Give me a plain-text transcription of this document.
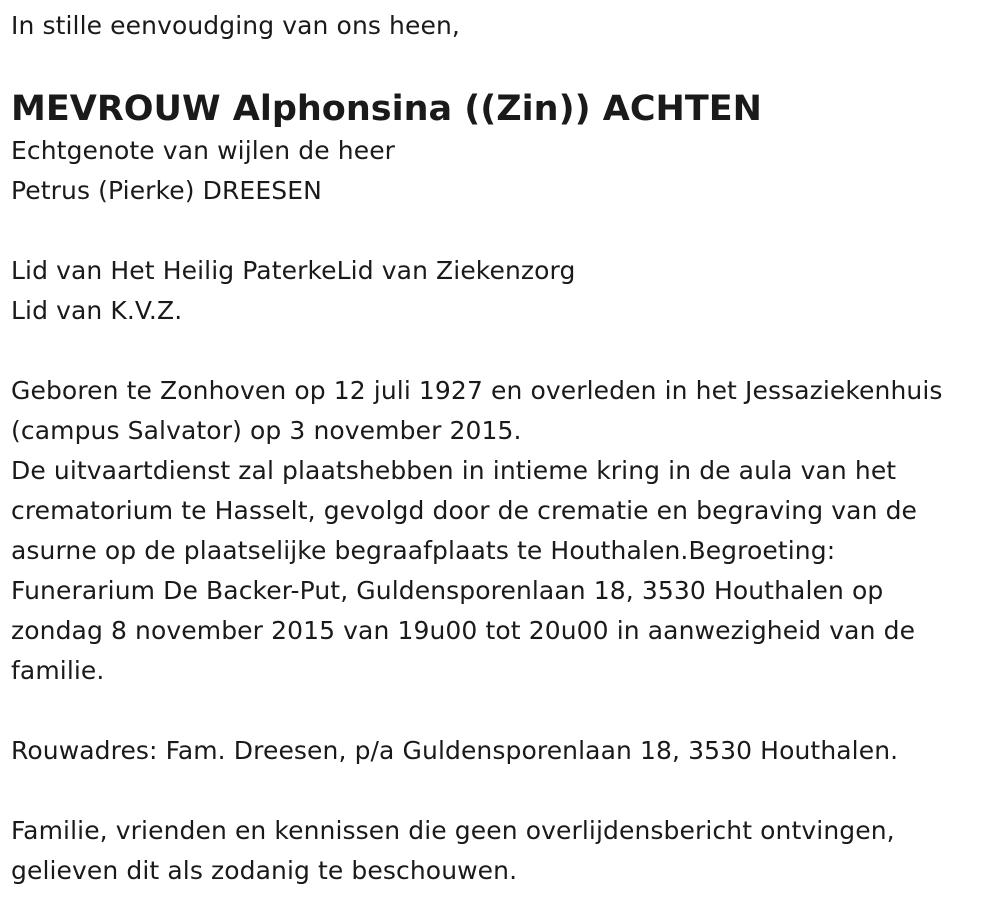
In stille eenvoudging van ons heen,
MEVROUW Alphonsina ((Zin)) ACHTEN
Echtgenote van wijlen de heer
Petrus (Pierke) DREESEN
Lid van Het Heilig PaterkeLid van Ziekenzorg
Lid van K.V.Z.
Geboren te Zonhoven op 12 juli 1927 en overleden in het Jessaziekenhuis
(campus Salvator) op 3 november 2015.
De uitvaartdienst zal plaatshebben in intieme kring in de aula van het
crematorium te Hasselt, gevolgd door de crematie en begraving van de
asurne op de plaatselijke begraafplaats te Houthalen.Begroeting:
Funerarium De Backer-Put, Guldensporenlaan 18, 3530 Houthalen op
zondag 8 november 2015 van 19u00 tot 20u00 in aanwezigheid van de
familie.
Rouwadres: Fam. Dreesen, p/a Guldensporenlaan 18, 3530 Houthalen.
Familie, vrienden en kennissen die geen overlijdensbericht ontvingen,
gelieven dit als zodanig te beschouwen.
